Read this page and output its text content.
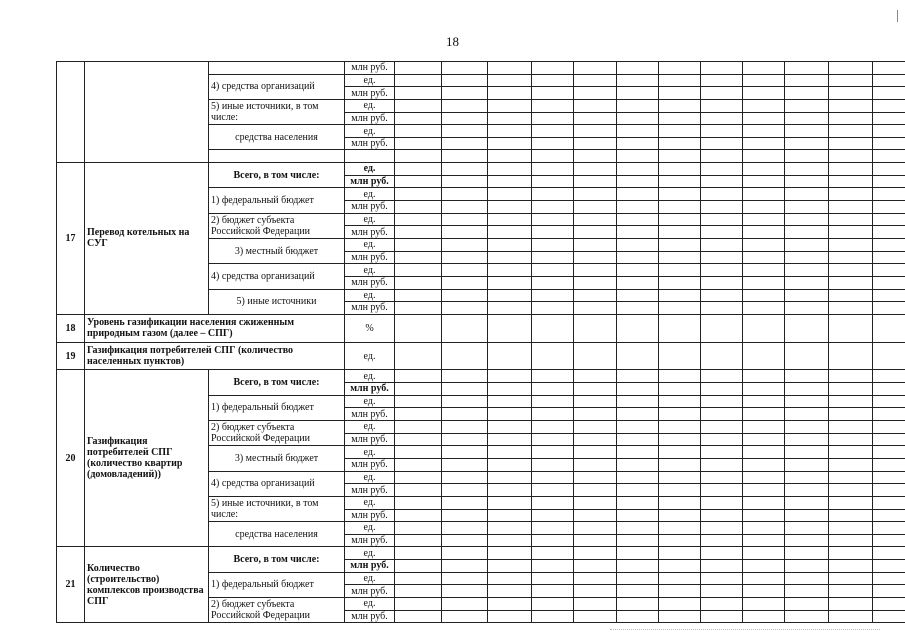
18
			млн руб.												
		4) средства организаций	ед.												
			млн руб.												
		5) иные источники, в том числе:	ед.												
			млн руб.												
		средства населения	ед.												
			млн руб.												

17	Перевод котельных на СУГ	Всего, в том числе:	ед.												
			млн руб.												
		1) федеральный бюджет	ед.												
			млн руб.												
		2) бюджет субъекта Российской Федерации	ед.												
			млн руб.												
		3) местный бюджет	ед.												
			млн руб.												
		4) средства организаций	ед.												
			млн руб.												
		5) иные источники	ед.												
			млн руб.												
18	Уровень газификации населения сжиженным природным газом (далее – СПГ)		%												
19	Газификация потребителей СПГ (количество населенных пунктов)		ед.												
20	Газификация потребителей СПГ (количество квартир (домовладений))	Всего, в том числе:	ед.												
			млн руб.												
		1) федеральный бюджет	ед.												
			млн руб.												
		2) бюджет субъекта Российской Федерации	ед.												
			млн руб.												
		3) местный бюджет	ед.												
			млн руб.												
		4) средства организаций	ед.												
			млн руб.												
		5) иные источники, в том числе:	ед.												
			млн руб.												
		средства населения	ед.												
			млн руб.												
21	Количество (строительство) комплексов производства СПГ	Всего, в том числе:	ед.												
			млн руб.												
		1) федеральный бюджет	ед.												
			млн руб.												
		2) бюджет субъекта Российской Федерации	ед.												
			млн руб.												
